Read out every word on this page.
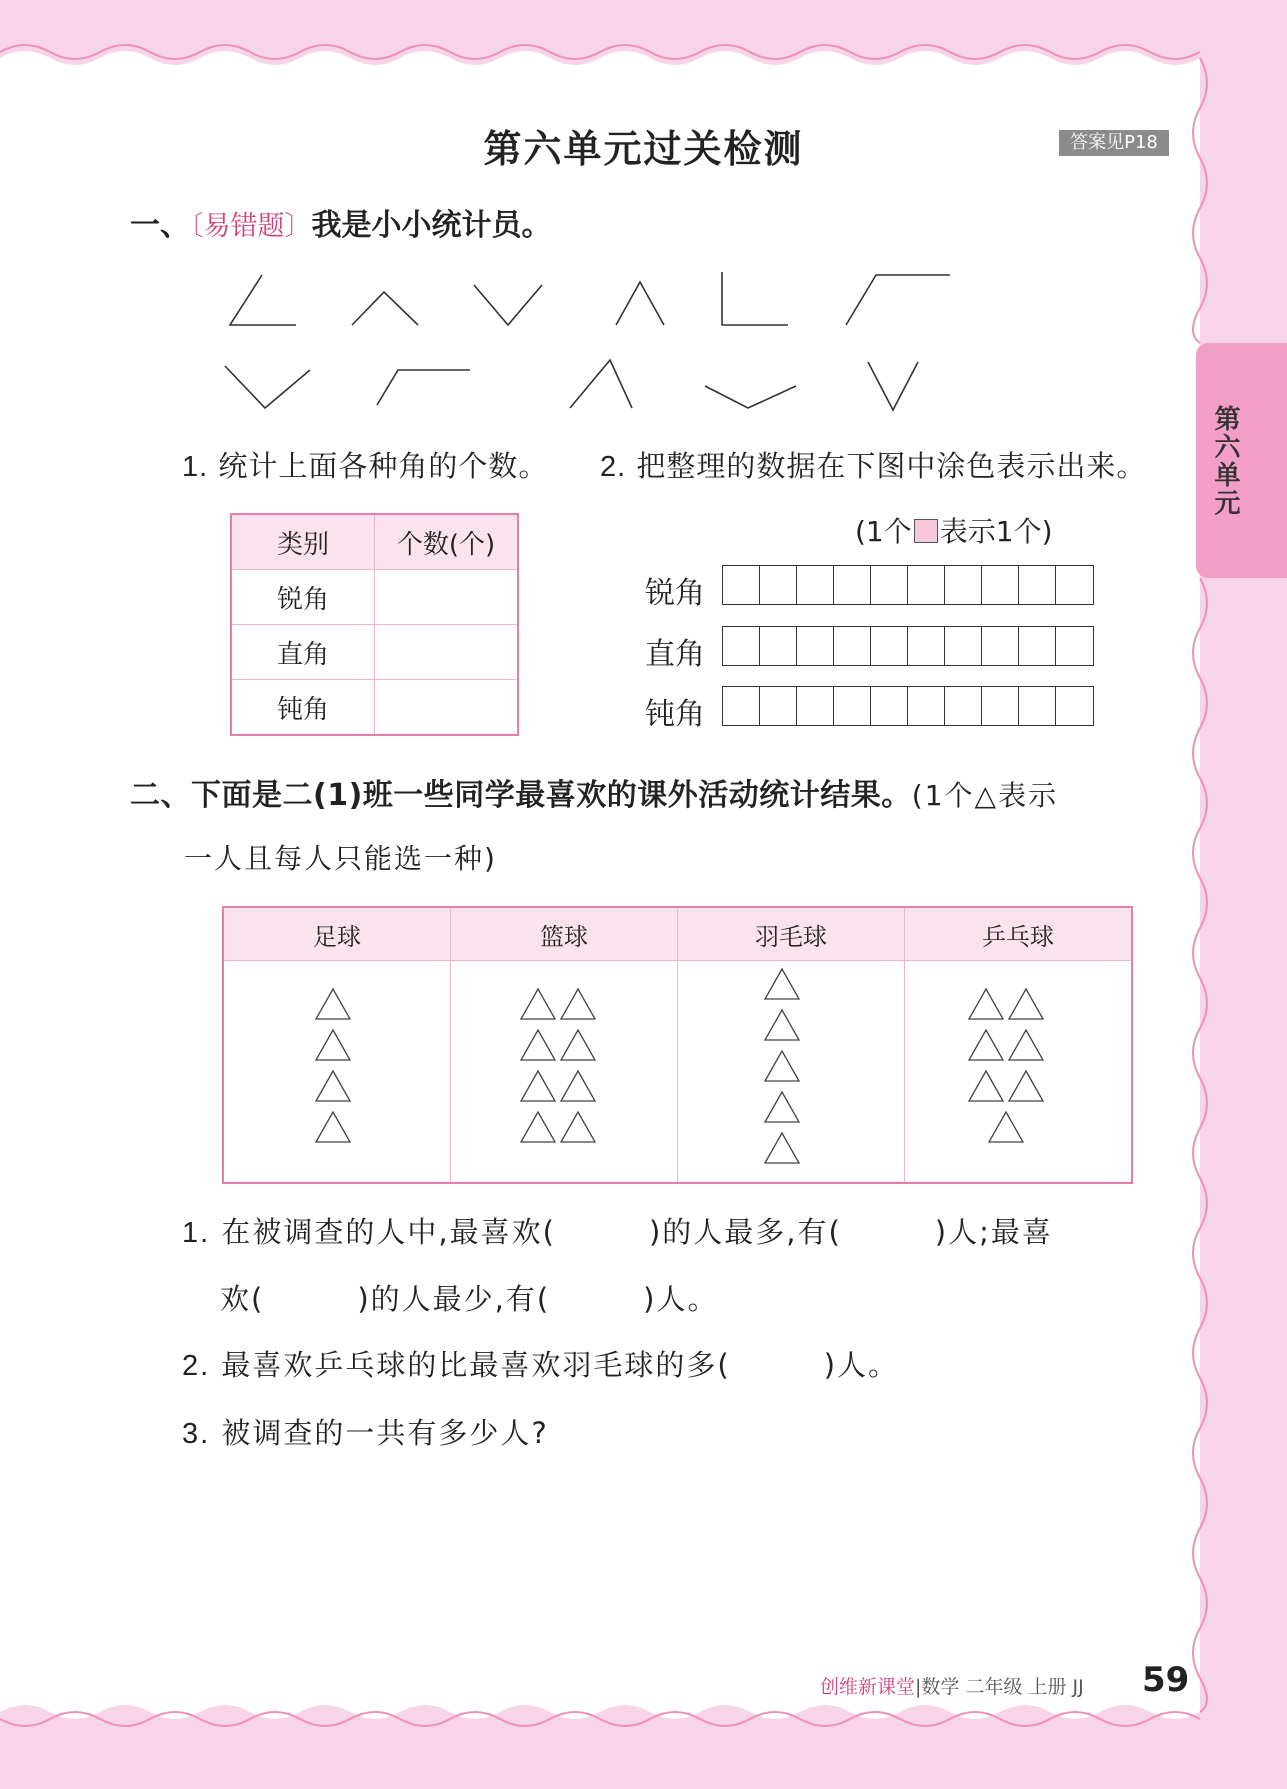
第六单元过关检测	答案见P18
第六单元
一、〔易错题〕我是小小统计员。
1. 统计上面各种角的个数。 2. 把整理的数据在下图中涂色表示出来。
类别	个数(个)
锐角	
直角	
钝角	
(1个 表示1个)
锐角
直角
钝角
二、下面是二(1)班一些同学最喜欢的课外活动统计结果。(1个△表示
一人且每人只能选一种)
足球	篮球	羽毛球	乒乓球

1. 在被调查的人中,最喜欢(　　　)的人最多,有(　　　)人;最喜
欢(　　　)的人最少,有(　　　)人。
2. 最喜欢乒乓球的比最喜欢羽毛球的多(　　　)人。
3. 被调查的一共有多少人?
创维新课堂|数学 二年级 上册 JJ 59
